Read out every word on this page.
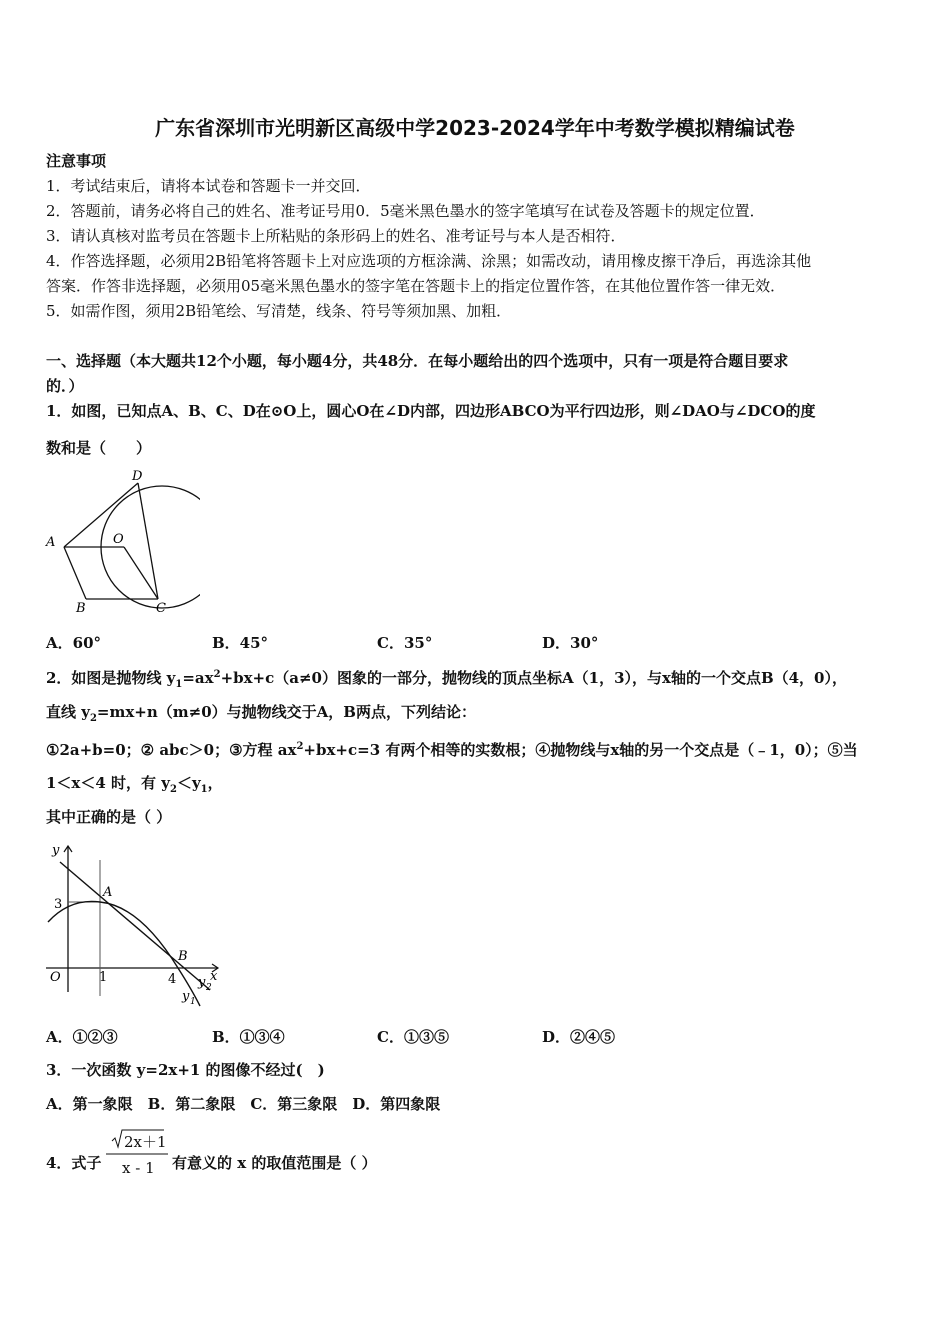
广东省深圳市光明新区高级中学2023-2024学年中考数学模拟精编试卷
注意事项
1．考试结束后，请将本试卷和答题卡一并交回．
2．答题前，请务必将自己的姓名、准考证号用0．5毫米黑色墨水的签字笔填写在试卷及答题卡的规定位置．
3．请认真核对监考员在答题卡上所粘贴的条形码上的姓名、准考证号与本人是否相符．
4．作答选择题，必须用2B铅笔将答题卡上对应选项的方框涂满、涂黑；如需改动，请用橡皮擦干净后，再选涂其他
答案．作答非选择题，必须用05毫米黑色墨水的签字笔在答题卡上的指定位置作答，在其他位置作答一律无效．
5．如需作图，须用2B铅笔绘、写清楚，线条、符号等须加黑、加粗．
一、选择题（本大题共12个小题，每小题4分，共48分．在每小题给出的四个选项中，只有一项是符合题目要求
的．）
1．如图，已知点A、B、C、D在⊙O上，圆心O在∠D内部，四边形ABCO为平行四边形，则∠DAO与∠DCO的度
数和是（　　）
A
B	C
D
O
A．60°	B．45°	C．35°	D．30°
2．如图是抛物线 $y_1=ax^2+bx+c(a\ne 0)$图象的一部分，抛物线的顶点坐标A（1，3），与x轴的一个交点B（4，0），
直线 $y_2=mx+n(m\ne 0)$与抛物线交于A，B两点，下列结论：
①2a+b=0；② abc＞0；③方程 $ax^2+bx+c=3$ 有两个相等的实数根；④抛物线与x轴的另一个交点是（﹣1，0）；⑤当
1＜x＜4 时，有 $y_2<y_1$，
其中正确的是（ ）
y
3
A
B
O	1	4	x
y 2
y 1
A．①②③	B．①③④	C．①③⑤	D．②④⑤
3．一次函数 y=2x+1 的图像不经过(　)
A．第一象限　B．第二象限　C．第三象限　D．第四象限
4．式子
2x＋1
x - 1 有意义的 x 的取值范围是（ ）
